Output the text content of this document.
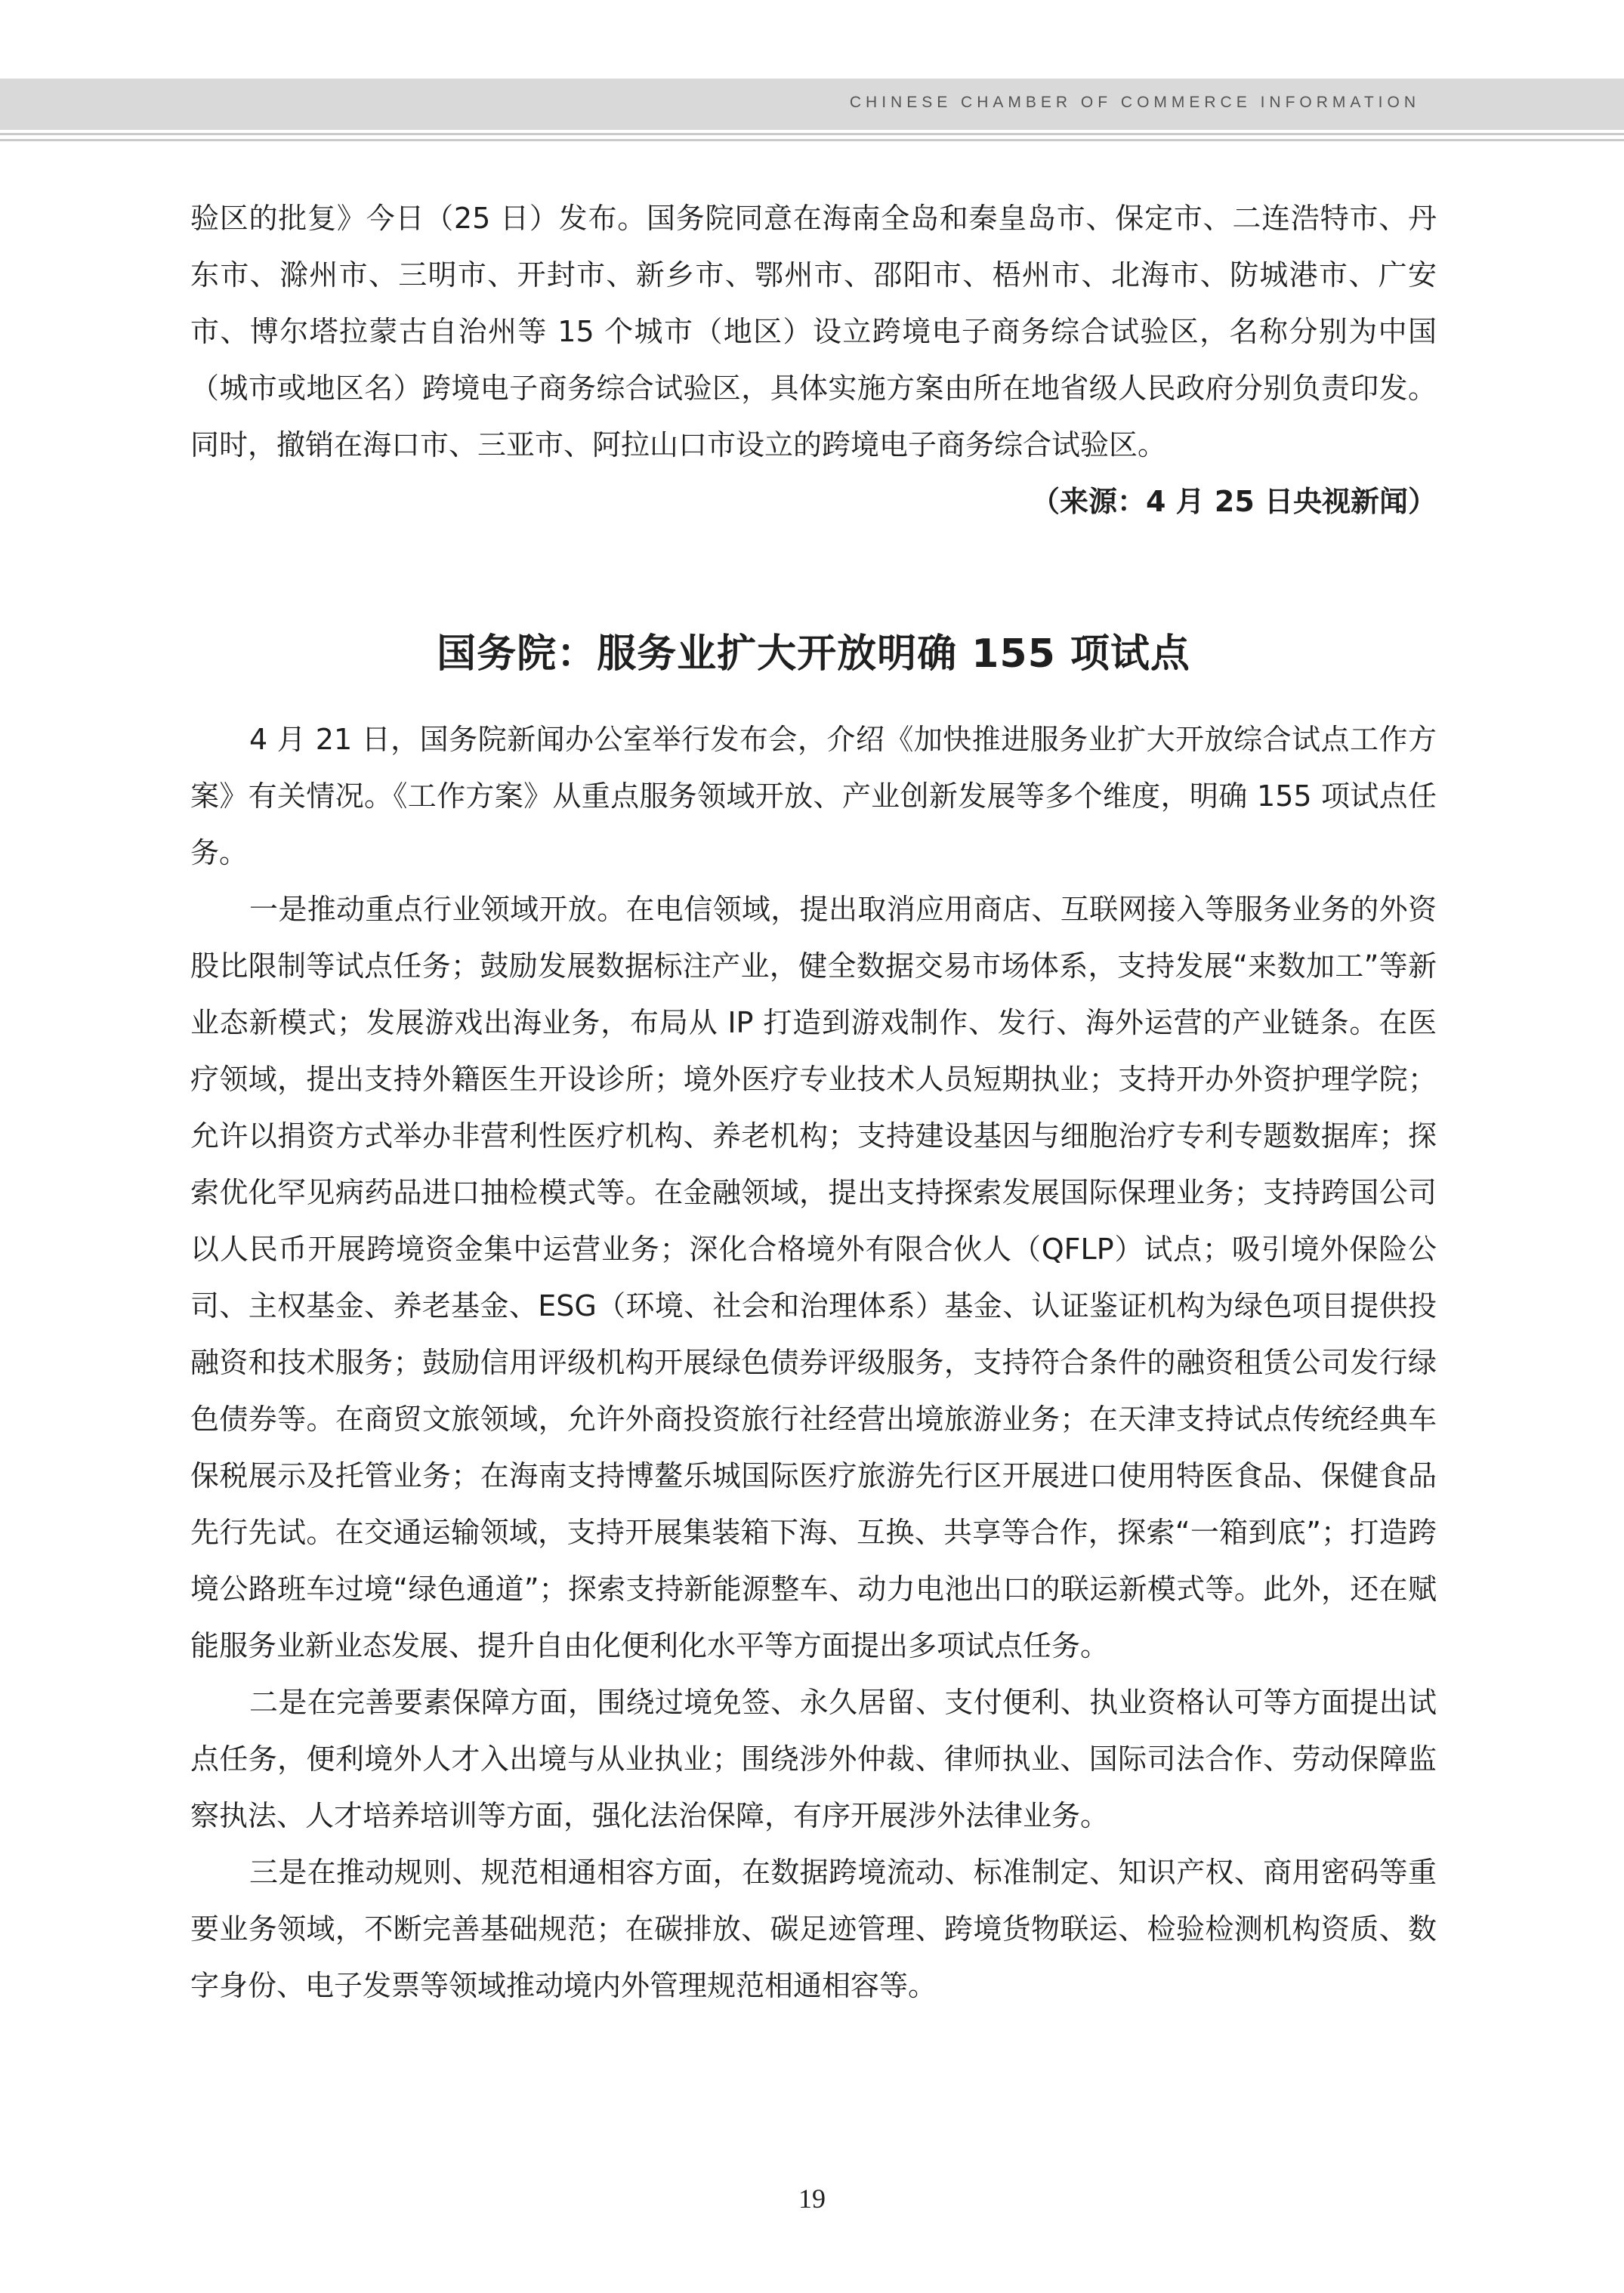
CHINESE CHAMBER OF COMMERCE INFORMATION

验区的批复》今日（25 日）发布。国务院同意在海南全岛和秦皇岛市、保定市、二连浩特市、丹东市、滁州市、三明市、开封市、新乡市、鄂州市、邵阳市、梧州市、北海市、防城港市、广安市、博尔塔拉蒙古自治州等 15 个城市（地区）设立跨境电子商务综合试验区，名称分别为中国（城市或地区名）跨境电子商务综合试验区，具体实施方案由所在地省级人民政府分别负责印发。同时，撤销在海口市、三亚市、阿拉山口市设立的跨境电子商务综合试验区。

（来源：4 月 25 日央视新闻）

国务院：服务业扩大开放明确 155 项试点

4 月 21 日，国务院新闻办公室举行发布会，介绍《加快推进服务业扩大开放综合试点工作方案》有关情况。《工作方案》从重点服务领域开放、产业创新发展等多个维度，明确 155 项试点任务。

一是推动重点行业领域开放。在电信领域，提出取消应用商店、互联网接入等服务业务的外资股比限制等试点任务；鼓励发展数据标注产业，健全数据交易市场体系，支持发展“来数加工”等新业态新模式；发展游戏出海业务，布局从 IP 打造到游戏制作、发行、海外运营的产业链条。在医疗领域，提出支持外籍医生开设诊所；境外医疗专业技术人员短期执业；支持开办外资护理学院；允许以捐资方式举办非营利性医疗机构、养老机构；支持建设基因与细胞治疗专利专题数据库；探索优化罕见病药品进口抽检模式等。在金融领域，提出支持探索发展国际保理业务；支持跨国公司以人民币开展跨境资金集中运营业务；深化合格境外有限合伙人（QFLP）试点；吸引境外保险公司、主权基金、养老基金、ESG（环境、社会和治理体系）基金、认证鉴证机构为绿色项目提供投融资和技术服务；鼓励信用评级机构开展绿色债券评级服务，支持符合条件的融资租赁公司发行绿色债券等。在商贸文旅领域，允许外商投资旅行社经营出境旅游业务；在天津支持试点传统经典车保税展示及托管业务；在海南支持博鳌乐城国际医疗旅游先行区开展进口使用特医食品、保健食品先行先试。在交通运输领域，支持开展集装箱下海、互换、共享等合作，探索“一箱到底”；打造跨境公路班车过境“绿色通道”；探索支持新能源整车、动力电池出口的联运新模式等。此外，还在赋能服务业新业态发展、提升自由化便利化水平等方面提出多项试点任务。

二是在完善要素保障方面，围绕过境免签、永久居留、支付便利、执业资格认可等方面提出试点任务，便利境外人才入出境与从业执业；围绕涉外仲裁、律师执业、国际司法合作、劳动保障监察执法、人才培养培训等方面，强化法治保障，有序开展涉外法律业务。

三是在推动规则、规范相通相容方面，在数据跨境流动、标准制定、知识产权、商用密码等重要业务领域，不断完善基础规范；在碳排放、碳足迹管理、跨境货物联运、检验检测机构资质、数字身份、电子发票等领域推动境内外管理规范相通相容等。

19
